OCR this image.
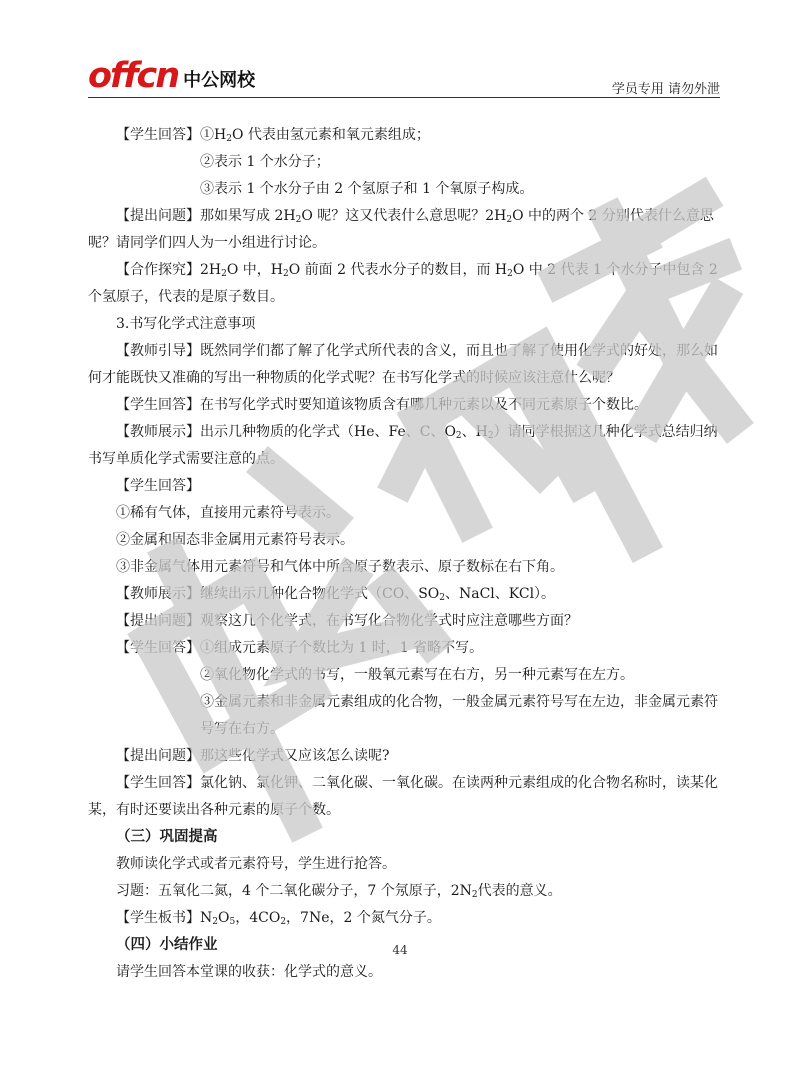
offcn 中公网校	学员专用 请勿外泄

【学生回答】$①H_2O$ 代表由氢元素和氧元素组成；

②表示 1 个水分子；

③表示 1 个水分子由 2 个氢原子和 1 个氧原子构成。

【提出问题】那如果写成 $2H_2O$ 呢？这又代表什么意思呢？$2H_2O$ 中的两个 2 分别代表什么意思呢？请同学们四人为一小组进行讨论。

【合作探究】$2H_2O$ 中，$H_2O$ 前面 2 代表水分子的数目，而 $H_2O$ 中 2 代表 1 个水分子中包含 2 个氢原子，代表的是原子数目。

3.书写化学式注意事项

【教师引导】既然同学们都了解了化学式所代表的含义，而且也了解了使用化学式的好处，那么如何才能既快又准确的写出一种物质的化学式呢？在书写化学式的时候应该注意什么呢？

【学生回答】在书写化学式时要知道该物质含有哪几种元素以及不同元素原子个数比。

【教师展示】出示几种物质的化学式（He、Fe、C、$O_2$、$H_2$）请同学根据这几种化学式总结归纳书写单质化学式需要注意的点。

【学生回答】

①稀有气体，直接用元素符号表示。

②金属和固态非金属用元素符号表示。

③非金属气体用元素符号和气体中所含原子数表示、原子数标在右下角。

【教师展示】继续出示几种化合物化学式（CO、$SO_2$、NaCl、KCl）。

【提出问题】观察这几个化学式，在书写化合物化学式时应注意哪些方面？

【学生回答】①组成元素原子个数比为 1 时，1 省略不写。

②氧化物化学式的书写，一般氧元素写在右方，另一种元素写在左方。

③金属元素和非金属元素组成的化合物，一般金属元素符号写在左边，非金属元素符号写在右方。

【提出问题】那这些化学式又应该怎么读呢?

【学生回答】氯化钠、氯化钾、二氧化碳、一氧化碳。在读两种元素组成的化合物名称时，读某化某，有时还要读出各种元素的原子个数。

（三）巩固提高

教师读化学式或者元素符号，学生进行抢答。

习题：五氧化二氮，4 个二氧化碳分子，7 个氖原子，$2N_2$代表的意义。

【学生板书】$N_2O_5$，$4CO_2$，7Ne，2 个氮气分子。

（四）小结作业

请学生回答本堂课的收获：化学式的意义。

44
